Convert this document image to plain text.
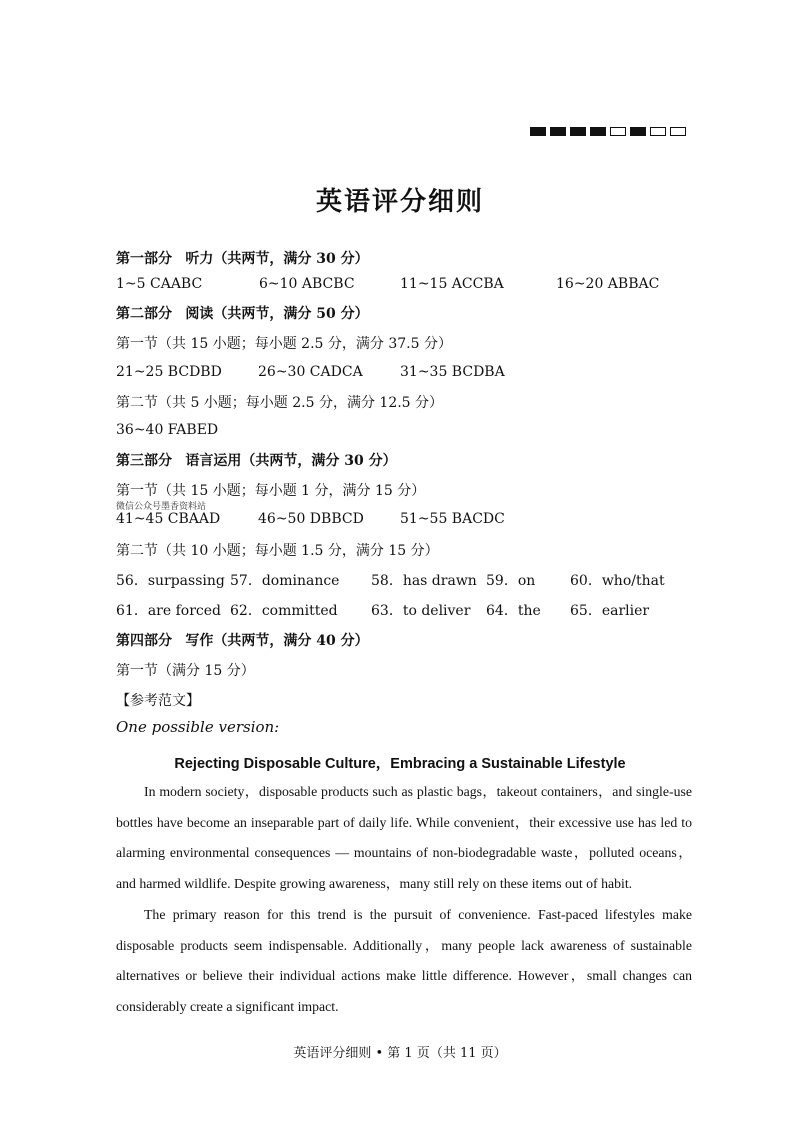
英语评分细则
第一部分 听力（共两节，满分 30 分）
1~5 CAABC	6~10 ABCBC	11~15 ACCBA	16~20 ABBAC
第二部分 阅读（共两节，满分 50 分）
第一节（共 15 小题；每小题 2.5 分，满分 37.5 分）
21~25 BCDBD	26~30 CADCA	31~35 BCDBA
第二节（共 5 小题；每小题 2.5 分，满分 12.5 分）
36~40 FABED
第三部分 语言运用（共两节，满分 30 分）
第一节（共 15 小题；每小题 1 分，满分 15 分）
微信公众号墨香资料站
41~45 CBAAD	46~50 DBBCD	51~55 BACDC
第二节（共 10 小题；每小题 1.5 分，满分 15 分）
56．surpassing 57．dominance 58．has drawn 59．on 60．who/that
61．are forced 62．committed 63．to deliver 64．the 65．earlier
第四部分 写作（共两节，满分 40 分）
第一节（满分 15 分）
【参考范文】
One possible version:
Rejecting Disposable Culture，Embracing a Sustainable Lifestyle
In modern society，disposable products such as plastic bags，takeout containers，and single-use bottles have become an inseparable part of daily life. While convenient，their excessive use has led to alarming environmental consequences — mountains of non-biodegradable waste，polluted oceans，and harmed wildlife. Despite growing awareness，many still rely on these items out of habit.
The primary reason for this trend is the pursuit of convenience. Fast-paced lifestyles make disposable products seem indispensable. Additionally，many people lack awareness of sustainable alternatives or believe their individual actions make little difference. However，small changes can considerably create a significant impact.
英语评分细则 • 第 1 页（共 11 页）
